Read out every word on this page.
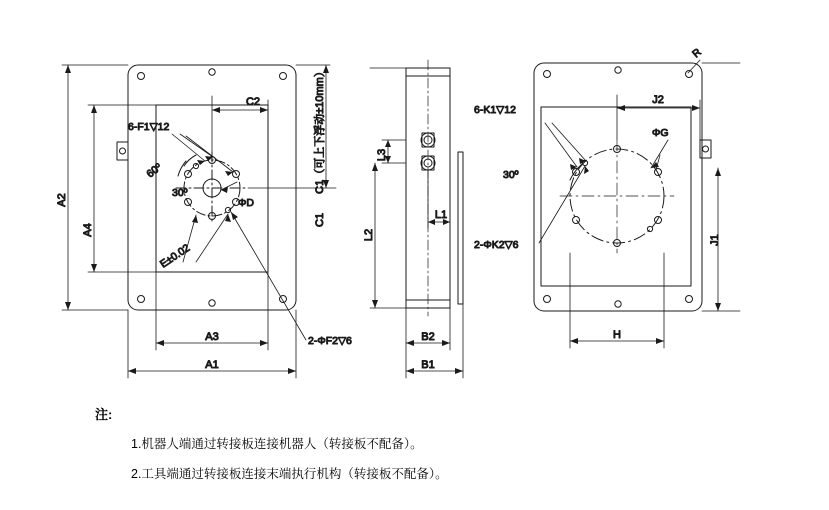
A2
A4
A1
A3
C2	C1（可上下浮动±10mm）
C1
6-F1▽12
60º
30º
ΦD
E±0.02
2-ΦF2▽6
B1
B2
L3
L2
L1
J1
J2
H
6-K1▽12
30º
ΦG
2-ΦK2▽6
R
注:
1.机器人端通过转接板连接机器人（转接板不配备）。
2.工具端通过转接板连接末端执行机构（转接板不配备）。
